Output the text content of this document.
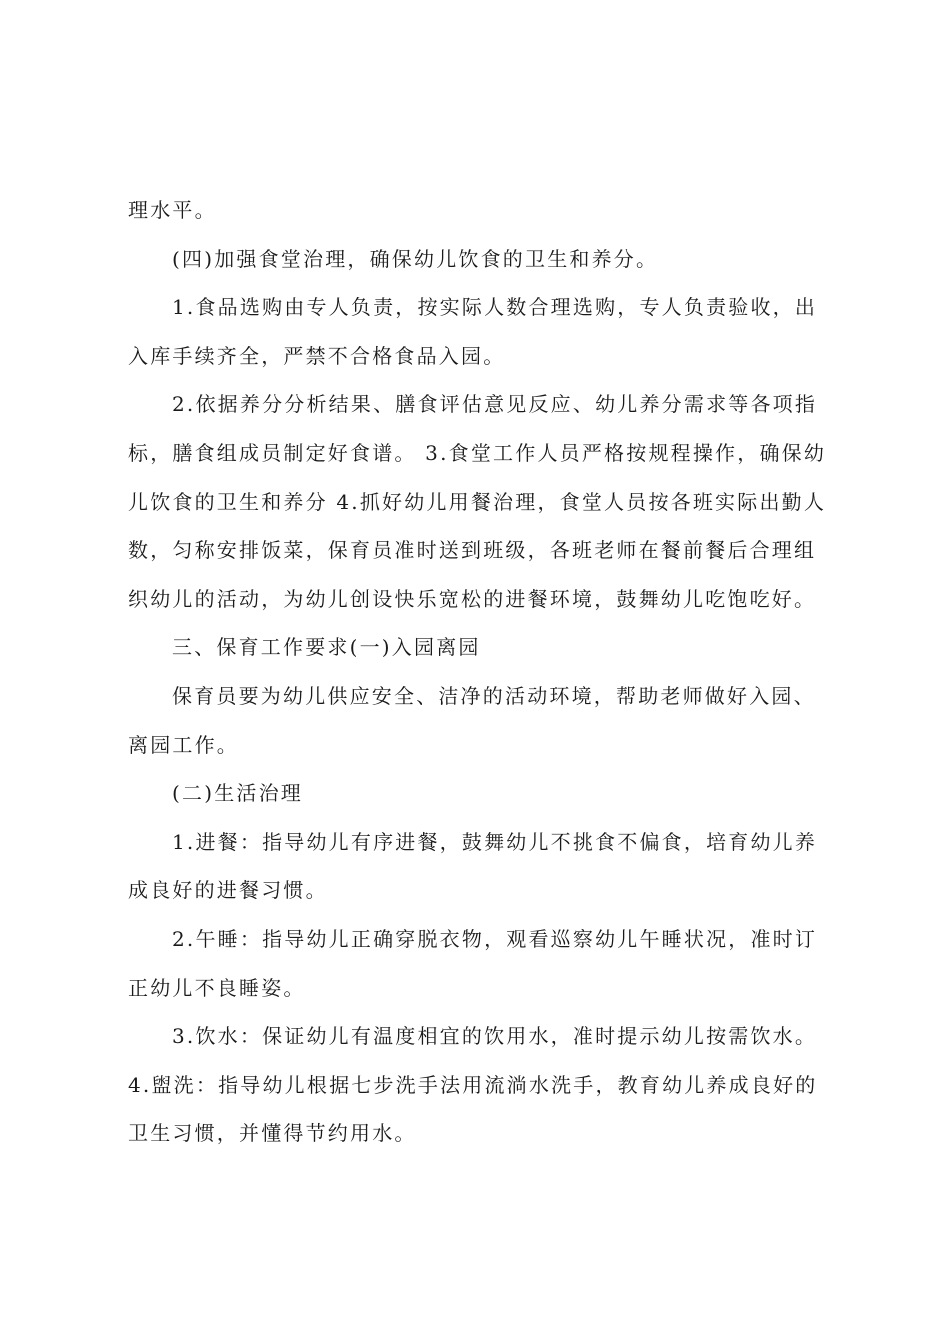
理水平。
(四)加强食堂治理，确保幼儿饮食的卫生和养分。
1.食品选购由专人负责，按实际人数合理选购，专人负责验收，出
入库手续齐全，严禁不合格食品入园。
2.依据养分分析结果、膳食评估意见反应、幼儿养分需求等各项指
标，膳食组成员制定好食谱。 3.食堂工作人员严格按规程操作，确保幼
儿饮食的卫生和养分 4.抓好幼儿用餐治理，食堂人员按各班实际出勤人
数，匀称安排饭菜，保育员准时送到班级，各班老师在餐前餐后合理组
织幼儿的活动，为幼儿创设快乐宽松的进餐环境，鼓舞幼儿吃饱吃好。
三、保育工作要求(一)入园离园
保育员要为幼儿供应安全、洁净的活动环境，帮助老师做好入园、
离园工作。
(二)生活治理
1.进餐：指导幼儿有序进餐，鼓舞幼儿不挑食不偏食，培育幼儿养
成良好的进餐习惯。
2.午睡：指导幼儿正确穿脱衣物，观看巡察幼儿午睡状况，准时订
正幼儿不良睡姿。
3.饮水：保证幼儿有温度相宜的饮用水，准时提示幼儿按需饮水。
4.盥洗：指导幼儿根据七步洗手法用流淌水洗手，教育幼儿养成良好的
卫生习惯，并懂得节约用水。
